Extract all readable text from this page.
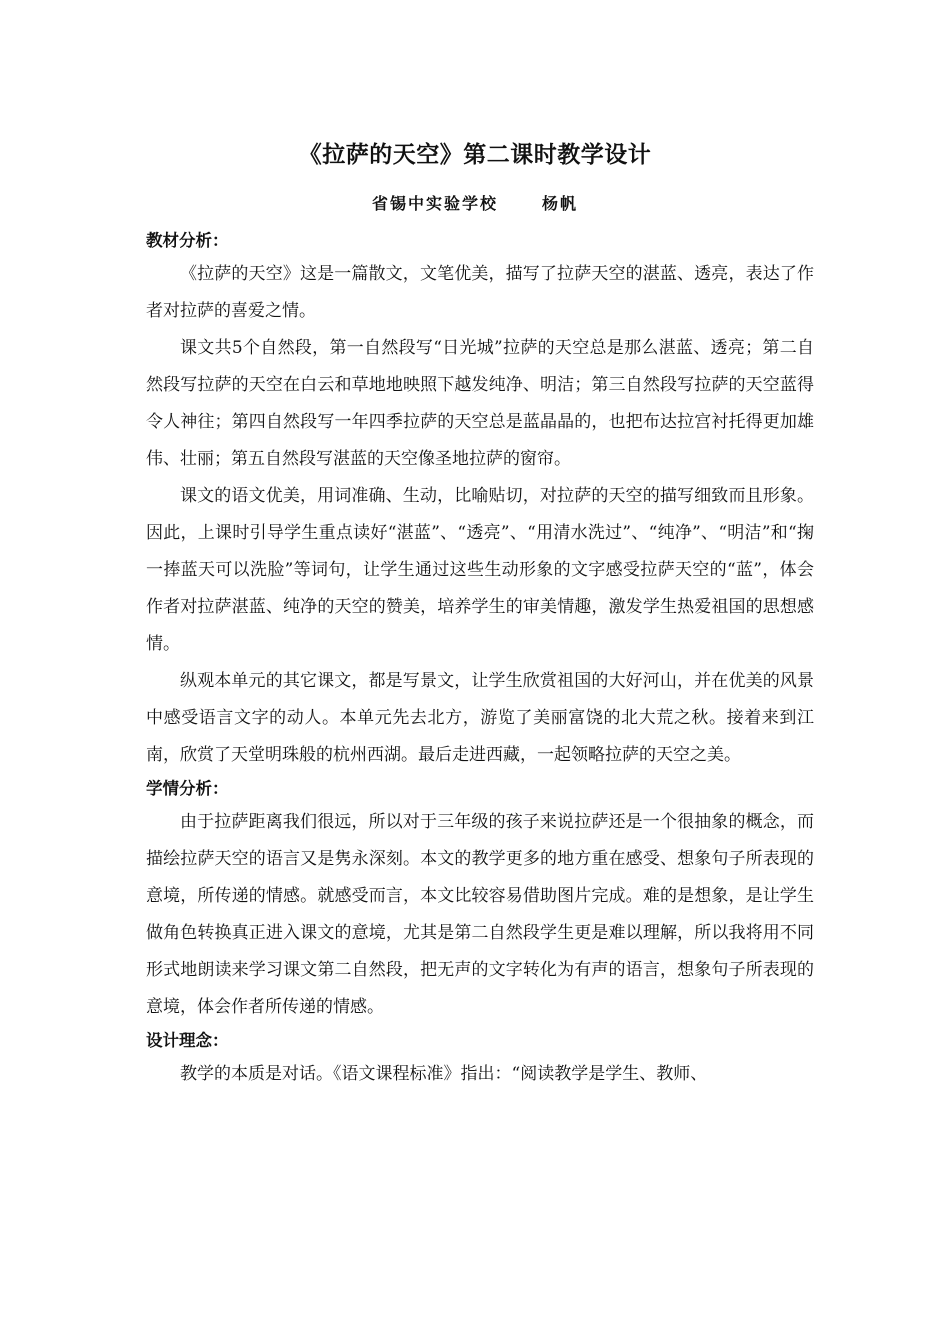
《拉萨的天空》第二课时教学设计
省锡中实验学校	杨帆
教材分析：

《拉萨的天空》这是一篇散文，文笔优美，描写了拉萨天空的湛蓝、透亮，表达了作者对拉萨的喜爱之情。

课文共5个自然段，第一自然段写“日光城”拉萨的天空总是那么湛蓝、透亮；第二自然段写拉萨的天空在白云和草地地映照下越发纯净、明洁；第三自然段写拉萨的天空蓝得令人神往；第四自然段写一年四季拉萨的天空总是蓝晶晶的，也把布达拉宫衬托得更加雄伟、壮丽；第五自然段写湛蓝的天空像圣地拉萨的窗帘。

课文的语文优美，用词准确、生动，比喻贴切，对拉萨的天空的描写细致而且形象。因此，上课时引导学生重点读好“湛蓝”、“透亮”、“用清水洗过”、“纯净”、“明洁”和“掬一捧蓝天可以洗脸”等词句，让学生通过这些生动形象的文字感受拉萨天空的“蓝”，体会作者对拉萨湛蓝、纯净的天空的赞美，培养学生的审美情趣，激发学生热爱祖国的思想感情。

纵观本单元的其它课文，都是写景文，让学生欣赏祖国的大好河山，并在优美的风景中感受语言文字的动人。本单元先去北方，游览了美丽富饶的北大荒之秋。接着来到江南，欣赏了天堂明珠般的杭州西湖。最后走进西藏，一起领略拉萨的天空之美。

学情分析：

由于拉萨距离我们很远，所以对于三年级的孩子来说拉萨还是一个很抽象的概念，而描绘拉萨天空的语言又是隽永深刻。本文的教学更多的地方重在感受、想象句子所表现的意境，所传递的情感。就感受而言，本文比较容易借助图片完成。难的是想象，是让学生做角色转换真正进入课文的意境，尤其是第二自然段学生更是难以理解，所以我将用不同形式地朗读来学习课文第二自然段，把无声的文字转化为有声的语言，想象句子所表现的意境，体会作者所传递的情感。

设计理念：

教学的本质是对话。《语文课程标准》指出：“阅读教学是学生、教师、
